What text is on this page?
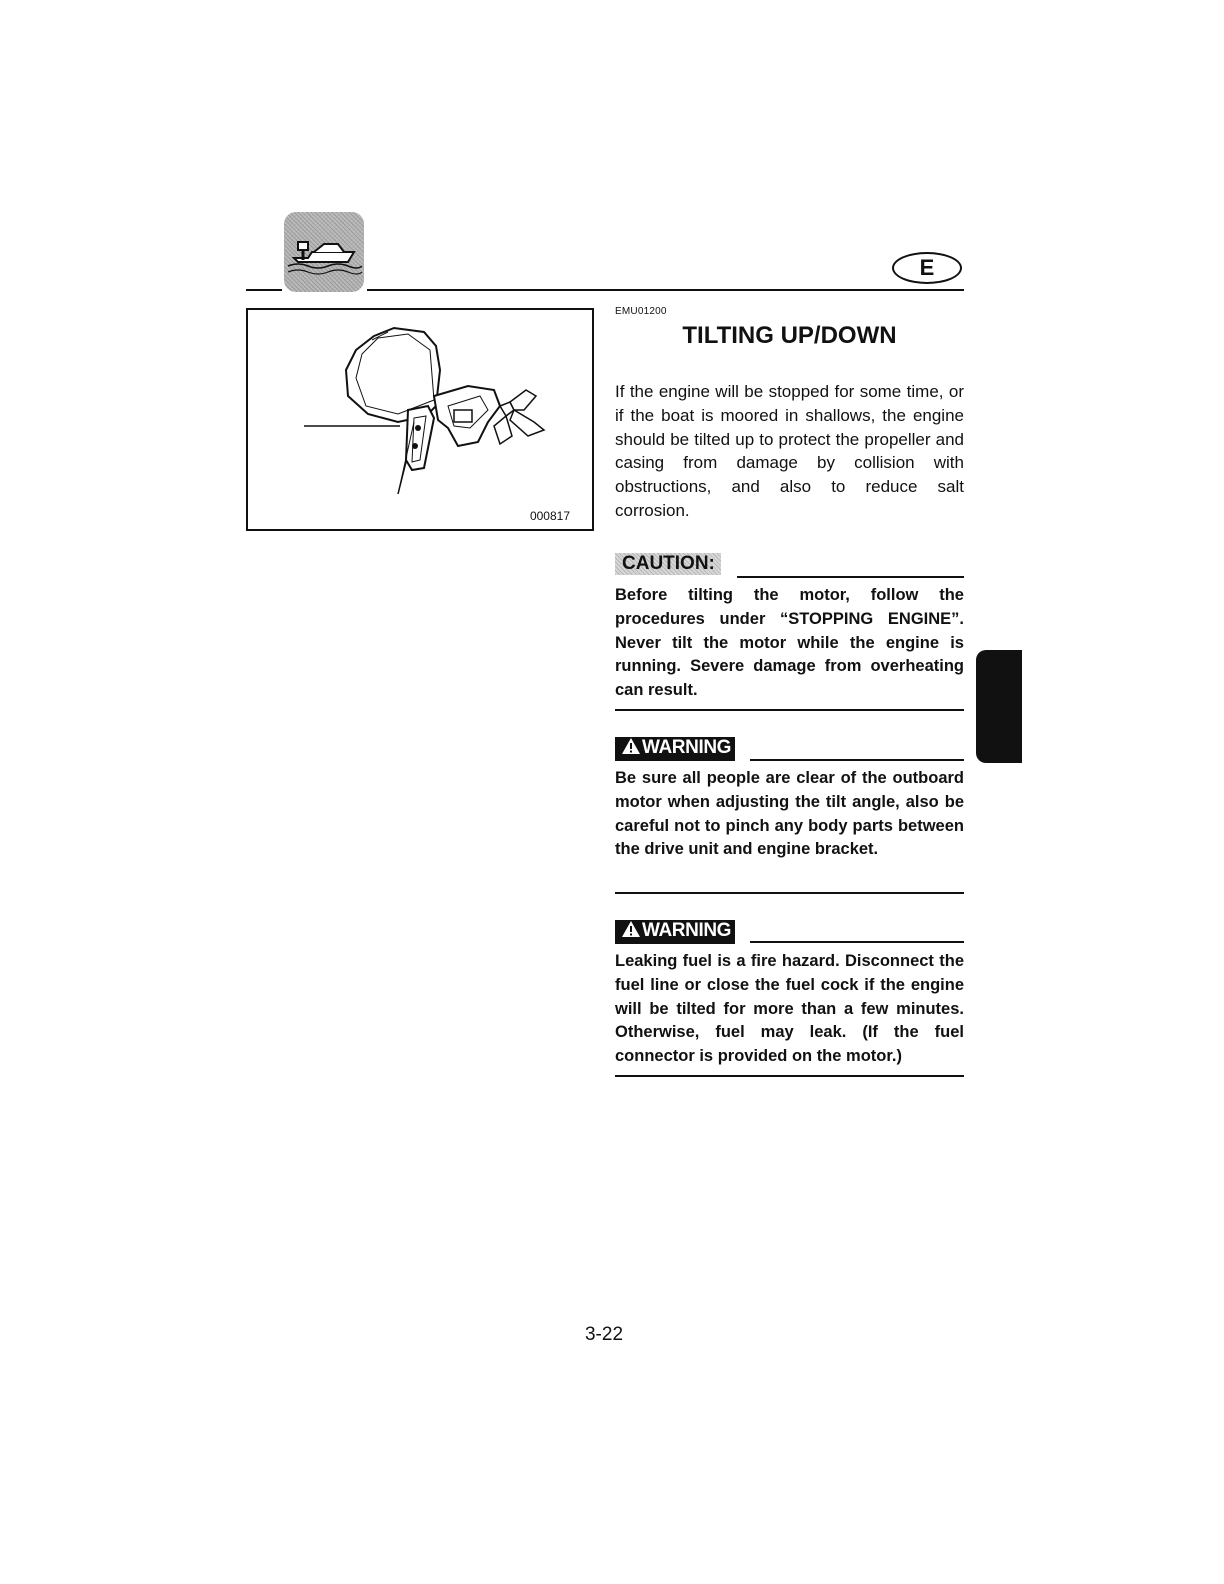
E
000817
EMU01200
TILTING UP/DOWN

If the engine will be stopped for some time, or if the boat is moored in shallows, the engine should be tilted up to protect the propeller and casing from damage by collision with obstructions, and also to reduce salt corrosion.

CAUTION:

Before tilting the motor, follow the procedures under “STOPPING ENGINE”. Never tilt the motor while the engine is running. Severe damage from overheating can result.

WARNING

Be sure all people are clear of the outboard motor when adjusting the tilt angle, also be careful not to pinch any body parts between the drive unit and engine bracket.

WARNING

Leaking fuel is a fire hazard. Disconnect the fuel line or close the fuel cock if the engine will be tilted for more than a few minutes. Otherwise, fuel may leak. (If the fuel connector is provided on the motor.)

3-22
